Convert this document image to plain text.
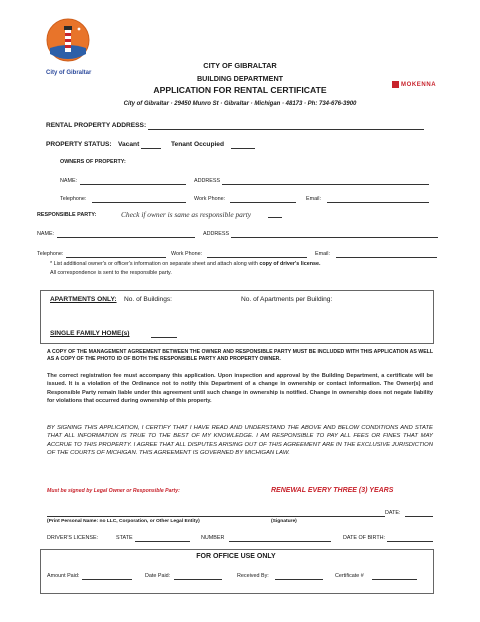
City of Gibraltar
MOKENNA
CITY OF GIBRALTAR
BUILDING DEPARTMENT
APPLICATION FOR RENTAL CERTIFICATE
City of Gibraltar · 29450 Munro St · Gibraltar · Michigan · 48173 · Ph: 734-676-3900
RENTAL PROPERTY ADDRESS:
PROPERTY STATUS: Vacant	Tenant Occupied
OWNERS OF PROPERTY:
NAME:	ADDRESS
Telephone:	Work Phone:	Email:
RESPONSIBLE PARTY:	Check if owner is same as responsible party
NAME:	ADDRESS
Telephone:	Work Phone:	Email:
* List additional owner's or officer's information on separate sheet and attach along with copy of driver's license.
All correspondence is sent to the responsible party.
APARTMENTS ONLY: No. of Buildings:	No. of Apartments per Building:
SINGLE FAMILY HOME(s)
A COPY OF THE MANAGEMENT AGREEMENT BETWEEN THE OWNER AND RESPONSIBLE PARTY MUST BE INCLUDED WITH THIS APPLICATION AS WELL AS A COPY OF THE PHOTO ID OF BOTH THE RESPONSIBLE PARTY AND PROPERTY OWNER.
The correct registration fee must accompany this application. Upon inspection and approval by the Building Department, a certificate will be issued. It is a violation of the Ordinance not to notify this Department of a change in ownership or contact information. The Owner(s) and Responsible Party remain liable under this agreement until such change in ownership is notified. Change in ownership does not negate liability for violations that occurred during ownership of this property.
BY SIGNING THIS APPLICATION, I CERTIFY THAT I HAVE READ AND UNDERSTAND THE ABOVE AND BELOW CONDITIONS AND STATE THAT ALL INFORMATION IS TRUE TO THE BEST OF MY KNOWLEDGE. I AM RESPONSIBLE TO PAY ALL FEES OR FINES THAT MAY ACCRUE TO THIS PROPERTY. I AGREE THAT ALL DISPUTES ARISING OUT OF THIS AGREEMENT ARE IN THE EXCLUSIVE JURISDICTION OF THE COURTS OF MICHIGAN. THIS AGREEMENT IS GOVERNED BY MICHIGAN LAW.
Must be signed by Legal Owner or Responsible Party:	RENEWAL EVERY THREE (3) YEARS
DATE:
(Print Personal Name: no LLC, Corporation, or Other Legal Entity)	(Signature)
DRIVER'S LICENSE:	STATE	NUMBER	DATE OF BIRTH:
FOR OFFICE USE ONLY
Amount Paid:	Date Paid:	Received By:	Certificate #
